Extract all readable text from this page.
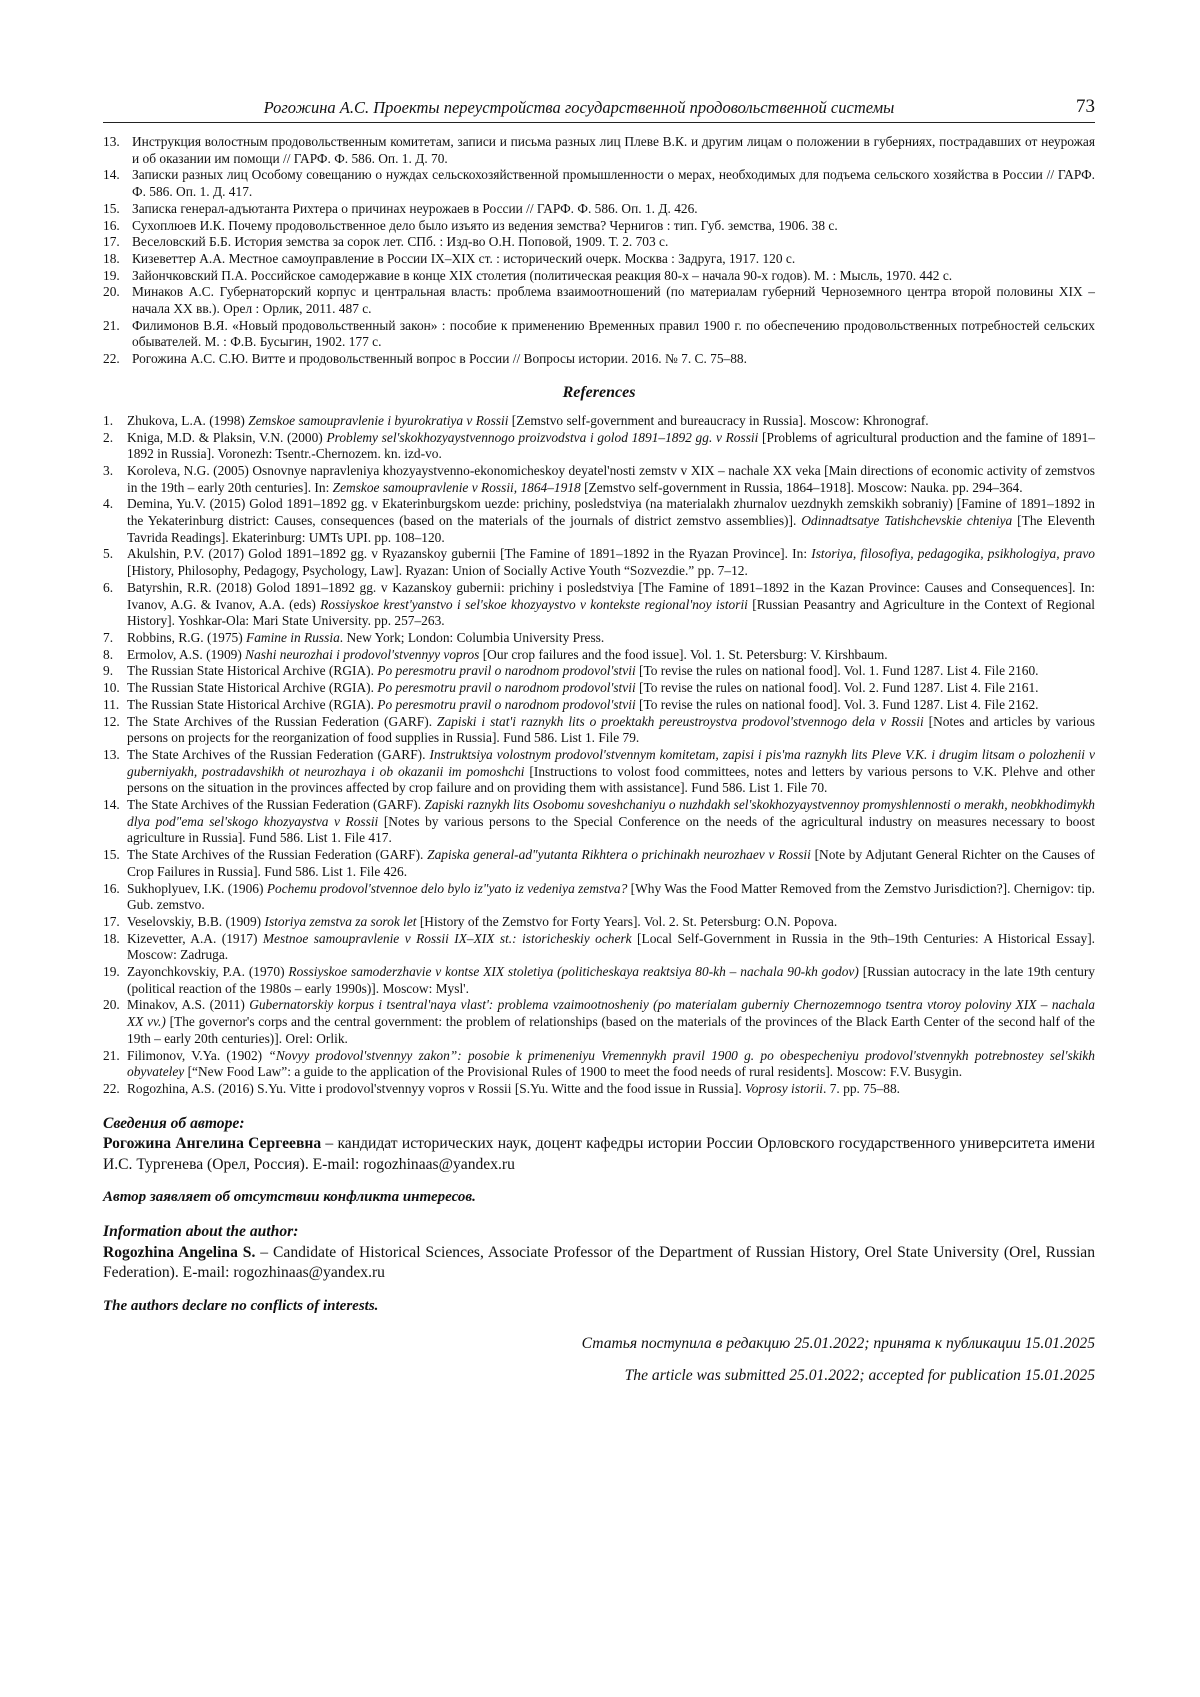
Рогожина А.С. Проекты переустройства государственной продовольственной системы	73
13. Инструкция волостным продовольственным комитетам, записи и письма разных лиц Плеве В.К. и другим лицам о положении в губерниях, пострадавших от неурожая и об оказании им помощи // ГАРФ. Ф. 586. Оп. 1. Д. 70.
14. Записки разных лиц Особому совещанию о нуждах сельскохозяйственной промышленности о мерах, необходимых для подъема сельского хозяйства в России // ГАРФ. Ф. 586. Оп. 1. Д. 417.
15. Записка генерал-адъютанта Рихтера о причинах неурожаев в России // ГАРФ. Ф. 586. Оп. 1. Д. 426.
16. Сухоплюев И.К. Почему продовольственное дело было изъято из ведения земства? Чернигов : тип. Губ. земства, 1906. 38 с.
17. Веселовский Б.Б. История земства за сорок лет. СПб. : Изд-во О.Н. Поповой, 1909. Т. 2. 703 с.
18. Кизеветтер А.А. Местное самоуправление в России IX–XIX ст. : исторический очерк. Москва : Задруга, 1917. 120 с.
19. Зайончковский П.А. Российское самодержавие в конце XIX столетия (политическая реакция 80-х – начала 90-х годов). М. : Мысль, 1970. 442 с.
20. Минаков А.С. Губернаторский корпус и центральная власть: проблема взаимоотношений (по материалам губерний Черноземного центра второй половины XIX – начала XX вв.). Орел : Орлик, 2011. 487 с.
21. Филимонов В.Я. «Новый продовольственный закон» : пособие к применению Временных правил 1900 г. по обеспечению продовольственных потребностей сельских обывателей. М. : Ф.В. Бусыгин, 1902. 177 с.
22. Рогожина А.С. С.Ю. Витте и продовольственный вопрос в России // Вопросы истории. 2016. № 7. С. 75–88.
References
1. Zhukova, L.A. (1998) Zemskoe samoupravlenie i byurokratiya v Rossii [Zemstvo self-government and bureaucracy in Russia]. Moscow: Khronograf.
2. Kniga, M.D. & Plaksin, V.N. (2000) Problemy sel'skokhozyaystvennogo proizvodstva i golod 1891–1892 gg. v Rossii [Problems of agricultural production and the famine of 1891–1892 in Russia]. Voronezh: Tsentr.-Chernozem. kn. izd-vo.
3. Koroleva, N.G. (2005) Osnovnye napravleniya khozyaystvenno-ekonomicheskoy deyatel'nosti zemstv v XIX – nachale XX veka [Main directions of economic activity of zemstvos in the 19th – early 20th centuries]. In: Zemskoe samoupravlenie v Rossii, 1864–1918 [Zemstvo self-government in Russia, 1864–1918]. Moscow: Nauka. pp. 294–364.
4. Demina, Yu.V. (2015) Golod 1891–1892 gg. v Ekaterinburgskom uezde: prichiny, posledstviya (na materialakh zhurnalov uezdnykh zemskikh sobraniy) [Famine of 1891–1892 in the Yekaterinburg district: Causes, consequences (based on the materials of the journals of district zemstvo assemblies)]. Odinnadtsatye Tatishchevskie chteniya [The Eleventh Tavrida Readings]. Ekaterinburg: UMTs UPI. pp. 108–120.
5. Akulshin, P.V. (2017) Golod 1891–1892 gg. v Ryazanskoy gubernii [The Famine of 1891–1892 in the Ryazan Province]. In: Istoriya, filosofiya, pedagogika, psikhologiya, pravo [History, Philosophy, Pedagogy, Psychology, Law]. Ryazan: Union of Socially Active Youth “Sozvezdie.” pp. 7–12.
6. Batyrshin, R.R. (2018) Golod 1891–1892 gg. v Kazanskoy gubernii: prichiny i posledstviya [The Famine of 1891–1892 in the Kazan Province: Causes and Consequences]. In: Ivanov, A.G. & Ivanov, A.A. (eds) Rossiyskoe krest'yanstvo i sel'skoe khozyaystvo v kontekste regional'noy istorii [Russian Peasantry and Agriculture in the Context of Regional History]. Yoshkar-Ola: Mari State University. pp. 257–263.
7. Robbins, R.G. (1975) Famine in Russia. New York; London: Columbia University Press.
8. Ermolov, A.S. (1909) Nashi neurozhai i prodovol'stvennyy vopros [Our crop failures and the food issue]. Vol. 1. St. Petersburg: V. Kirshbaum.
9. The Russian State Historical Archive (RGIA). Po peresmotru pravil o narodnom prodovol'stvii [To revise the rules on national food]. Vol. 1. Fund 1287. List 4. File 2160.
10. The Russian State Historical Archive (RGIA). Po peresmotru pravil o narodnom prodovol'stvii [To revise the rules on national food]. Vol. 2. Fund 1287. List 4. File 2161.
11. The Russian State Historical Archive (RGIA). Po peresmotru pravil o narodnom prodovol'stvii [To revise the rules on national food]. Vol. 3. Fund 1287. List 4. File 2162.
12. The State Archives of the Russian Federation (GARF). Zapiski i stat'i raznykh lits o proektakh pereustroystva prodovol'stvennogo dela v Rossii [Notes and articles by various persons on projects for the reorganization of food supplies in Russia]. Fund 586. List 1. File 79.
13. The State Archives of the Russian Federation (GARF). Instruktsiya volostnym prodovol'stvennym komitetam, zapisi i pis'ma raznykh lits Pleve V.K. i drugim litsam o polozhenii v guberniyakh, postradavshikh ot neurozhaya i ob okazanii im pomoshchi [Instructions to volost food committees, notes and letters by various persons to V.K. Plehve and other persons on the situation in the provinces affected by crop failure and on providing them with assistance]. Fund 586. List 1. File 70.
14. The State Archives of the Russian Federation (GARF). Zapiski raznykh lits Osobomu soveshchaniyu o nuzhdakh sel'skokhozyaystvennoy promyshlennosti o merakh, neobkhodimykh dlya pod"ema sel'skogo khozyaystva v Rossii [Notes by various persons to the Special Conference on the needs of the agricultural industry on measures necessary to boost agriculture in Russia]. Fund 586. List 1. File 417.
15. The State Archives of the Russian Federation (GARF). Zapiska general-ad"yutanta Rikhtera o prichinakh neurozhaev v Rossii [Note by Adjutant General Richter on the Causes of Crop Failures in Russia]. Fund 586. List 1. File 426.
16. Sukhoplyuev, I.K. (1906) Pochemu prodovol'stvennoe delo bylo iz"yato iz vedeniya zemstva? [Why Was the Food Matter Removed from the Zemstvo Jurisdiction?]. Chernigov: tip. Gub. zemstvo.
17. Veselovskiy, B.B. (1909) Istoriya zemstva za sorok let [History of the Zemstvo for Forty Years]. Vol. 2. St. Petersburg: O.N. Popova.
18. Kizevetter, A.A. (1917) Mestnoe samoupravlenie v Rossii IX–XIX st.: istoricheskiy ocherk [Local Self-Government in Russia in the 9th–19th Centuries: A Historical Essay]. Moscow: Zadruga.
19. Zayonchkovskiy, P.A. (1970) Rossiyskoe samoderzhavie v kontse XIX stoletiya (politicheskaya reaktsiya 80-kh – nachala 90-kh godov) [Russian autocracy in the late 19th century (political reaction of the 1980s – early 1990s)]. Moscow: Mysl'.
20. Minakov, A.S. (2011) Gubernatorskiy korpus i tsentral'naya vlast': problema vzaimootnosheniy (po materialam guberniy Chernozemnogo tsentra vtoroy poloviny XIX – nachala XX vv.) [The governor's corps and the central government: the problem of relationships (based on the materials of the provinces of the Black Earth Center of the second half of the 19th – early 20th centuries)]. Orel: Orlik.
21. Filimonov, V.Ya. (1902) “Novyy prodovol'stvennyy zakon”: posobie k primeneniyu Vremennykh pravil 1900 g. po obespecheniyu prodovol'stvennykh potrebnostey sel'skikh obyvateley [“New Food Law”: a guide to the application of the Provisional Rules of 1900 to meet the food needs of rural residents]. Moscow: F.V. Busygin.
22. Rogozhina, A.S. (2016) S.Yu. Vitte i prodovol'stvennyy vopros v Rossii [S.Yu. Witte and the food issue in Russia]. Voprosy istorii. 7. pp. 75–88.
Сведения об авторе:
Рогожина Ангелина Сергеевна – кандидат исторических наук, доцент кафедры истории России Орловского государственного университета имени И.С. Тургенева (Орел, Россия). E-mail: rogozhinaas@yandex.ru
Автор заявляет об отсутствии конфликта интересов.
Information about the author:
Rogozhina Angelina S. – Candidate of Historical Sciences, Associate Professor of the Department of Russian History, Orel State University (Orel, Russian Federation). E-mail: rogozhinaas@yandex.ru
The authors declare no conflicts of interests.

Статья поступила в редакцию 25.01.2022; принята к публикации 15.01.2025

The article was submitted 25.01.2022; accepted for publication 15.01.2025
